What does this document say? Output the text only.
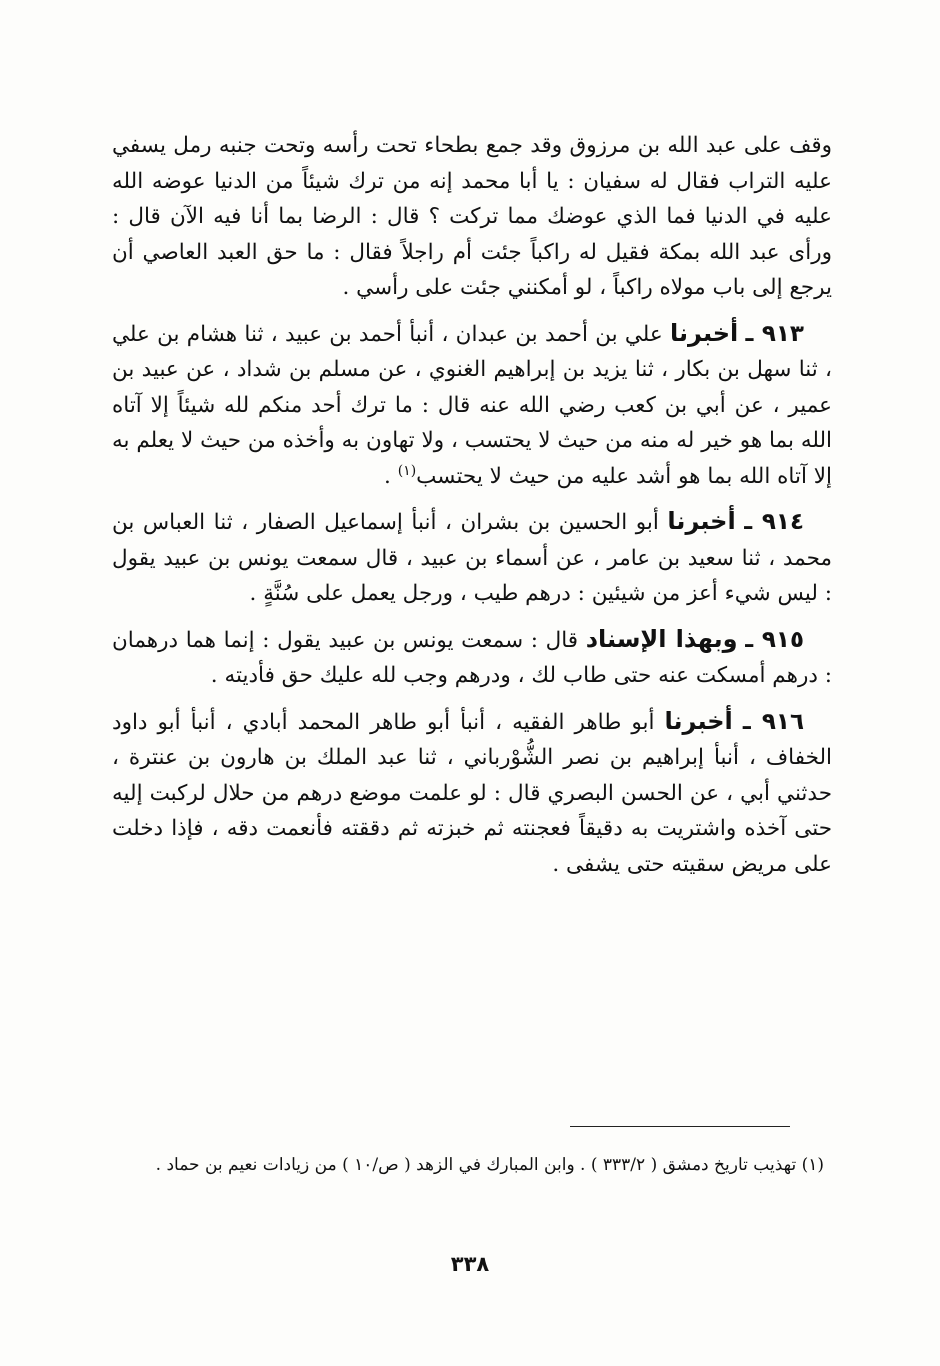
وقف على عبد الله بن مرزوق وقد جمع بطحاء تحت رأسه وتحت جنبه رمل يسفي عليه التراب فقال له سفيان : يا أبا محمد إنه من ترك شيئاً من الدنيا عوضه الله عليه في الدنيا فما الذي عوضك مما تركت ؟ قال : الرضا بما أنا فيه الآن قال : ورأى عبد الله بمكة فقيل له راكباً جئت أم راجلاً فقال : ما حق العبد العاصي أن يرجع إلى باب مولاه راكباً ، لو أمكنني جئت على رأسي .

٩١٣ ـ أخبرنا علي بن أحمد بن عبدان ، أنبأ أحمد بن عبيد ، ثنا هشام بن علي ، ثنا سهل بن بكار ، ثنا يزيد بن إبراهيم الغنوي ، عن مسلم بن شداد ، عن عبيد بن عمير ، عن أبي بن كعب رضي الله عنه قال : ما ترك أحد منكم لله شيئاً إلا آتاه الله بما هو خير له منه من حيث لا يحتسب ، ولا تهاون به وأخذه من حيث لا يعلم به إلا آتاه الله بما هو أشد عليه من حيث لا يحتسب$^{(١)}$ .

٩١٤ ـ أخبرنا أبو الحسين بن بشران ، أنبأ إسماعيل الصفار ، ثنا العباس بن محمد ، ثنا سعيد بن عامر ، عن أسماء بن عبيد ، قال سمعت يونس بن عبيد يقول : ليس شيء أعز من شيئين : درهم طيب ، ورجل يعمل على سُنَّةٍ .

٩١٥ ـ وبهذا الإسناد قال : سمعت يونس بن عبيد يقول : إنما هما درهمان : درهم أمسكت عنه حتى طاب لك ، ودرهم وجب لله عليك حق فأديته .

٩١٦ ـ أخبرنا أبو طاهر الفقيه ، أنبأ أبو طاهر المحمد أبادي ، أنبأ أبو داود الخفاف ، أنبأ إبراهيم بن نصر الشُّوْرباني ، ثنا عبد الملك بن هارون بن عنترة ، حدثني أبي ، عن الحسن البصري قال : لو علمت موضع درهم من حلال لركبت إليه حتى آخذه واشتريت به دقيقاً فعجنته ثم خبزته ثم دققته فأنعمت دقه ، فإذا دخلت على مريض سقيته حتى يشفى .

(١) تهذيب تاريخ دمشق ( ٣٣٣/٢ ) . وابن المبارك في الزهد ( ص/١٠ ) من زيادات نعيم بن حماد .
٣٣٨
